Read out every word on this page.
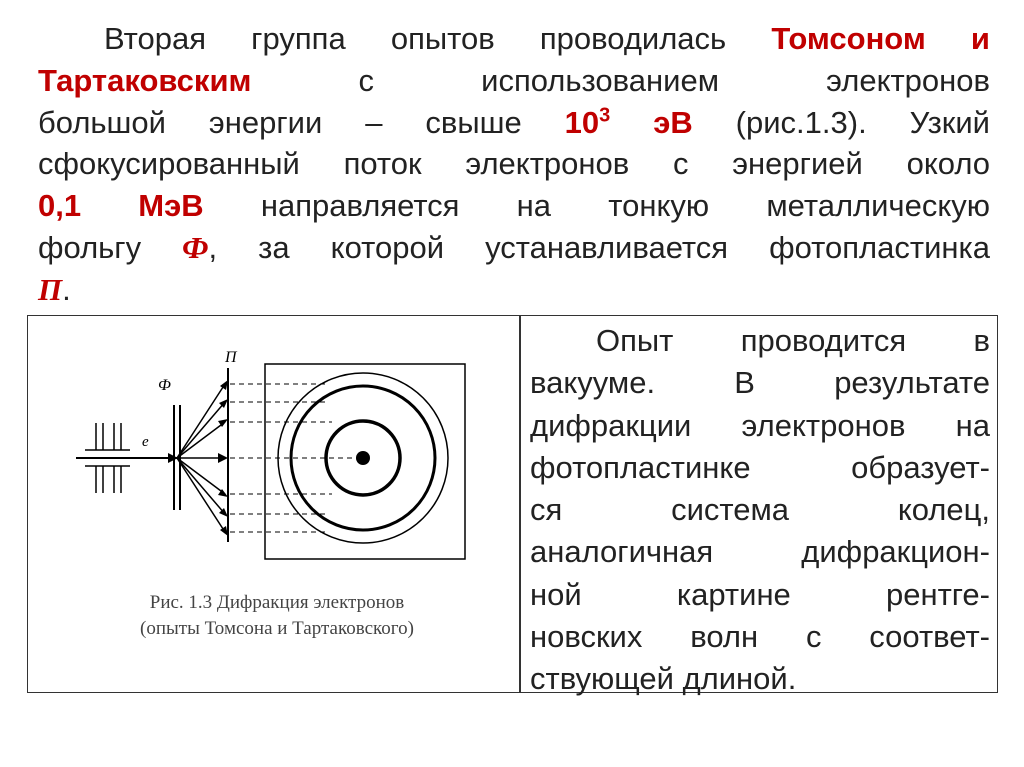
Вторая группа опытов проводилась Томсоном и
Тартаковским	с использованием электронов
большой энергии – свыше $10^3$ эВ (рис.1.3). Узкий
сфокусированный поток электронов с энергией около
0,1 МэВ направляется на тонкую металлическую
фольгу Ф, за которой устанавливается фотопластинка
П.
e
Ф
П
Рис. 1.3 Дифракция электронов
(опыты Томсона и Тартаковского)
Опыт проводится в
вакууме. В результате
дифракции электронов на
фотопластинке образует-
ся система колец,
аналогичная дифракцион-
ной картине рентге-
новских волн с соответ-
ствующей длиной.
